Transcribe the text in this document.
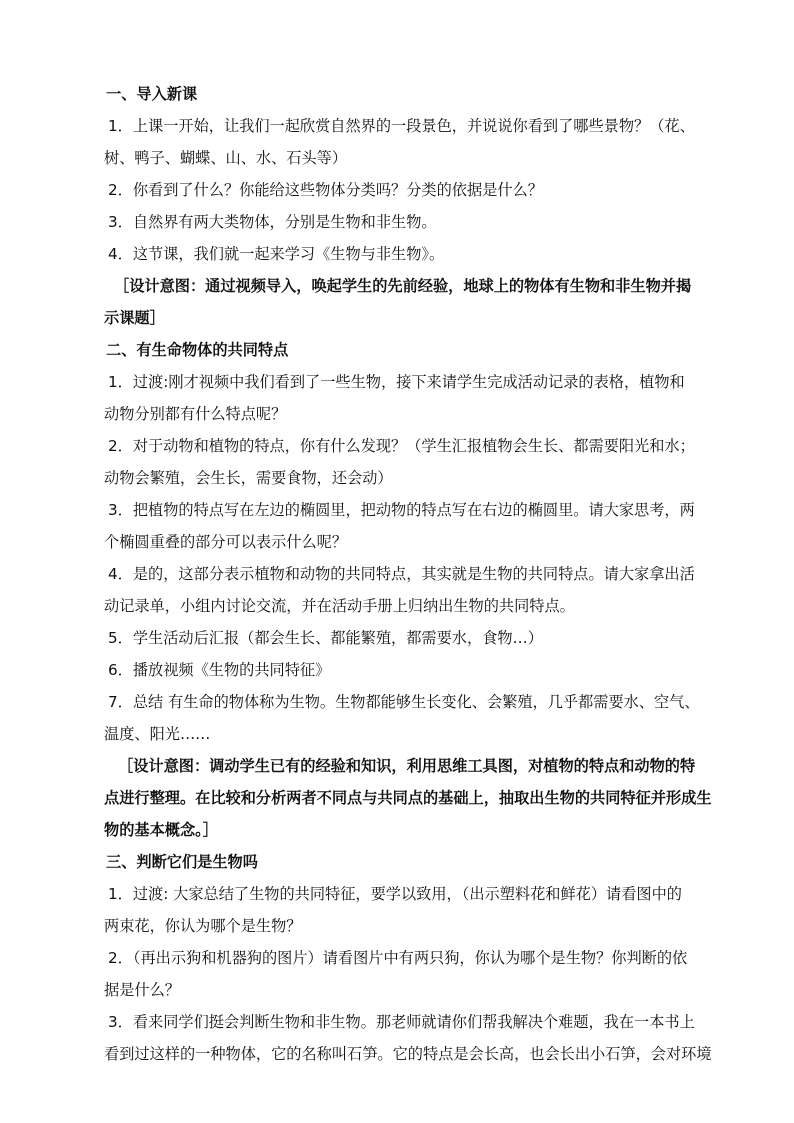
一、导入新课
1．上课一开始，让我们一起欣赏自然界的一段景色，并说说你看到了哪些景物？（花、
树、鸭子、蝴蝶、山、水、石头等）
2．你看到了什么？你能给这些物体分类吗？分类的依据是什么？
3．自然界有两大类物体，分别是生物和非生物。
4．这节课，我们就一起来学习《生物与非生物》。
［设计意图：通过视频导入，唤起学生的先前经验，地球上的物体有生物和非生物并揭
示课题］
二、有生命物体的共同特点
1．过渡:刚才视频中我们看到了一些生物，接下来请学生完成活动记录的表格，植物和
动物分别都有什么特点呢？
2．对于动物和植物的特点，你有什么发现？（学生汇报植物会生长、都需要阳光和水；
动物会繁殖，会生长，需要食物，还会动）
3．把植物的特点写在左边的椭圆里，把动物的特点写在右边的椭圆里。请大家思考，两
个椭圆重叠的部分可以表示什么呢？
4．是的，这部分表示植物和动物的共同特点，其实就是生物的共同特点。请大家拿出活
动记录单，小组内讨论交流，并在活动手册上归纳出生物的共同特点。
5．学生活动后汇报（都会生长、都能繁殖，都需要水，食物…）
6．播放视频《生物的共同特征》
7．总结 有生命的物体称为生物。生物都能够生长变化、会繁殖，几乎都需要水、空气、
温度、阳光……
［设计意图：调动学生已有的经验和知识，利用思维工具图，对植物的特点和动物的特
点进行整理。在比较和分析两者不同点与共同点的基础上，抽取出生物的共同特征并形成生
物的基本概念。］
三、判断它们是生物吗
1．过渡: 大家总结了生物的共同特征，要学以致用，（出示塑料花和鲜花）请看图中的
两束花，你认为哪个是生物？
2．（再出示狗和机器狗的图片）请看图片中有两只狗，你认为哪个是生物？你判断的依
据是什么？
3．看来同学们挺会判断生物和非生物。那老师就请你们帮我解决个难题，我在一本书上
看到过这样的一种物体，它的名称叫石笋。它的特点是会长高，也会长出小石笋，会对环境
